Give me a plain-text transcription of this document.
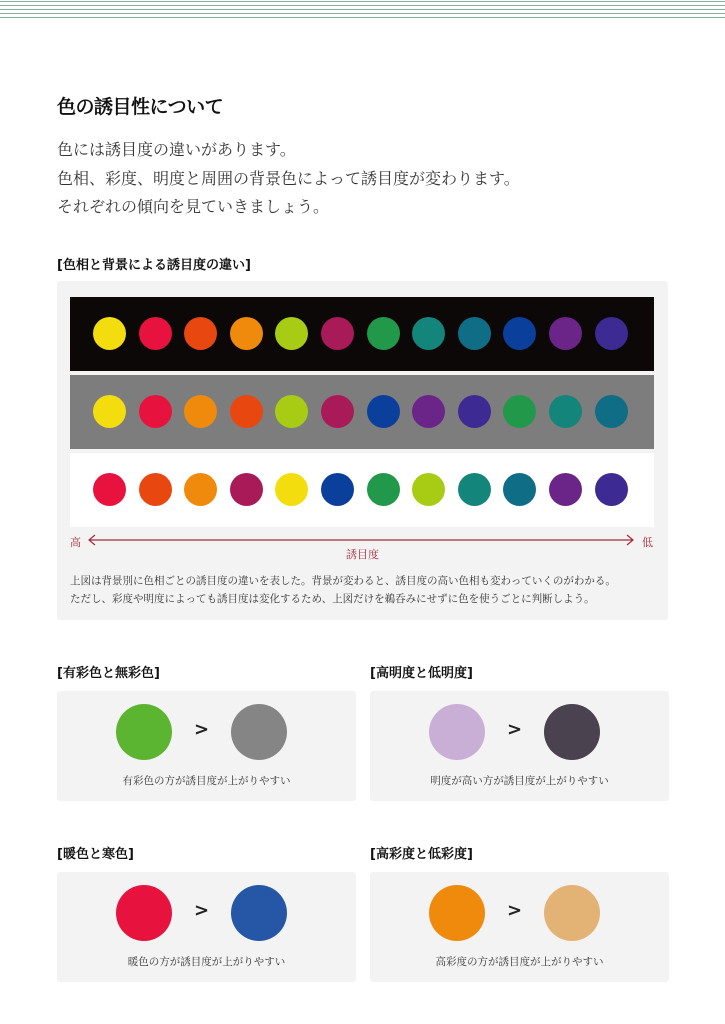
色の誘目性について
色には誘目度の違いがあります。
色相、彩度、明度と周囲の背景色によって誘目度が変わります。
それぞれの傾向を見ていきましょう。
[色相と背景による誘目度の違い]
高	低
誘目度
上図は背景別に色相ごとの誘目度の違いを表した。背景が変わると、誘目度の高い色相も変わっていくのがわかる。
ただし、彩度や明度によっても誘目度は変化するため、上図だけを鵜呑みにせずに色を使うごとに判断しよう。
[有彩色と無彩色]
>
有彩色の方が誘目度が上がりやすい
[高明度と低明度]
>
明度が高い方が誘目度が上がりやすい
[暖色と寒色]
>
暖色の方が誘目度が上がりやすい
[高彩度と低彩度]
>
高彩度の方が誘目度が上がりやすい
